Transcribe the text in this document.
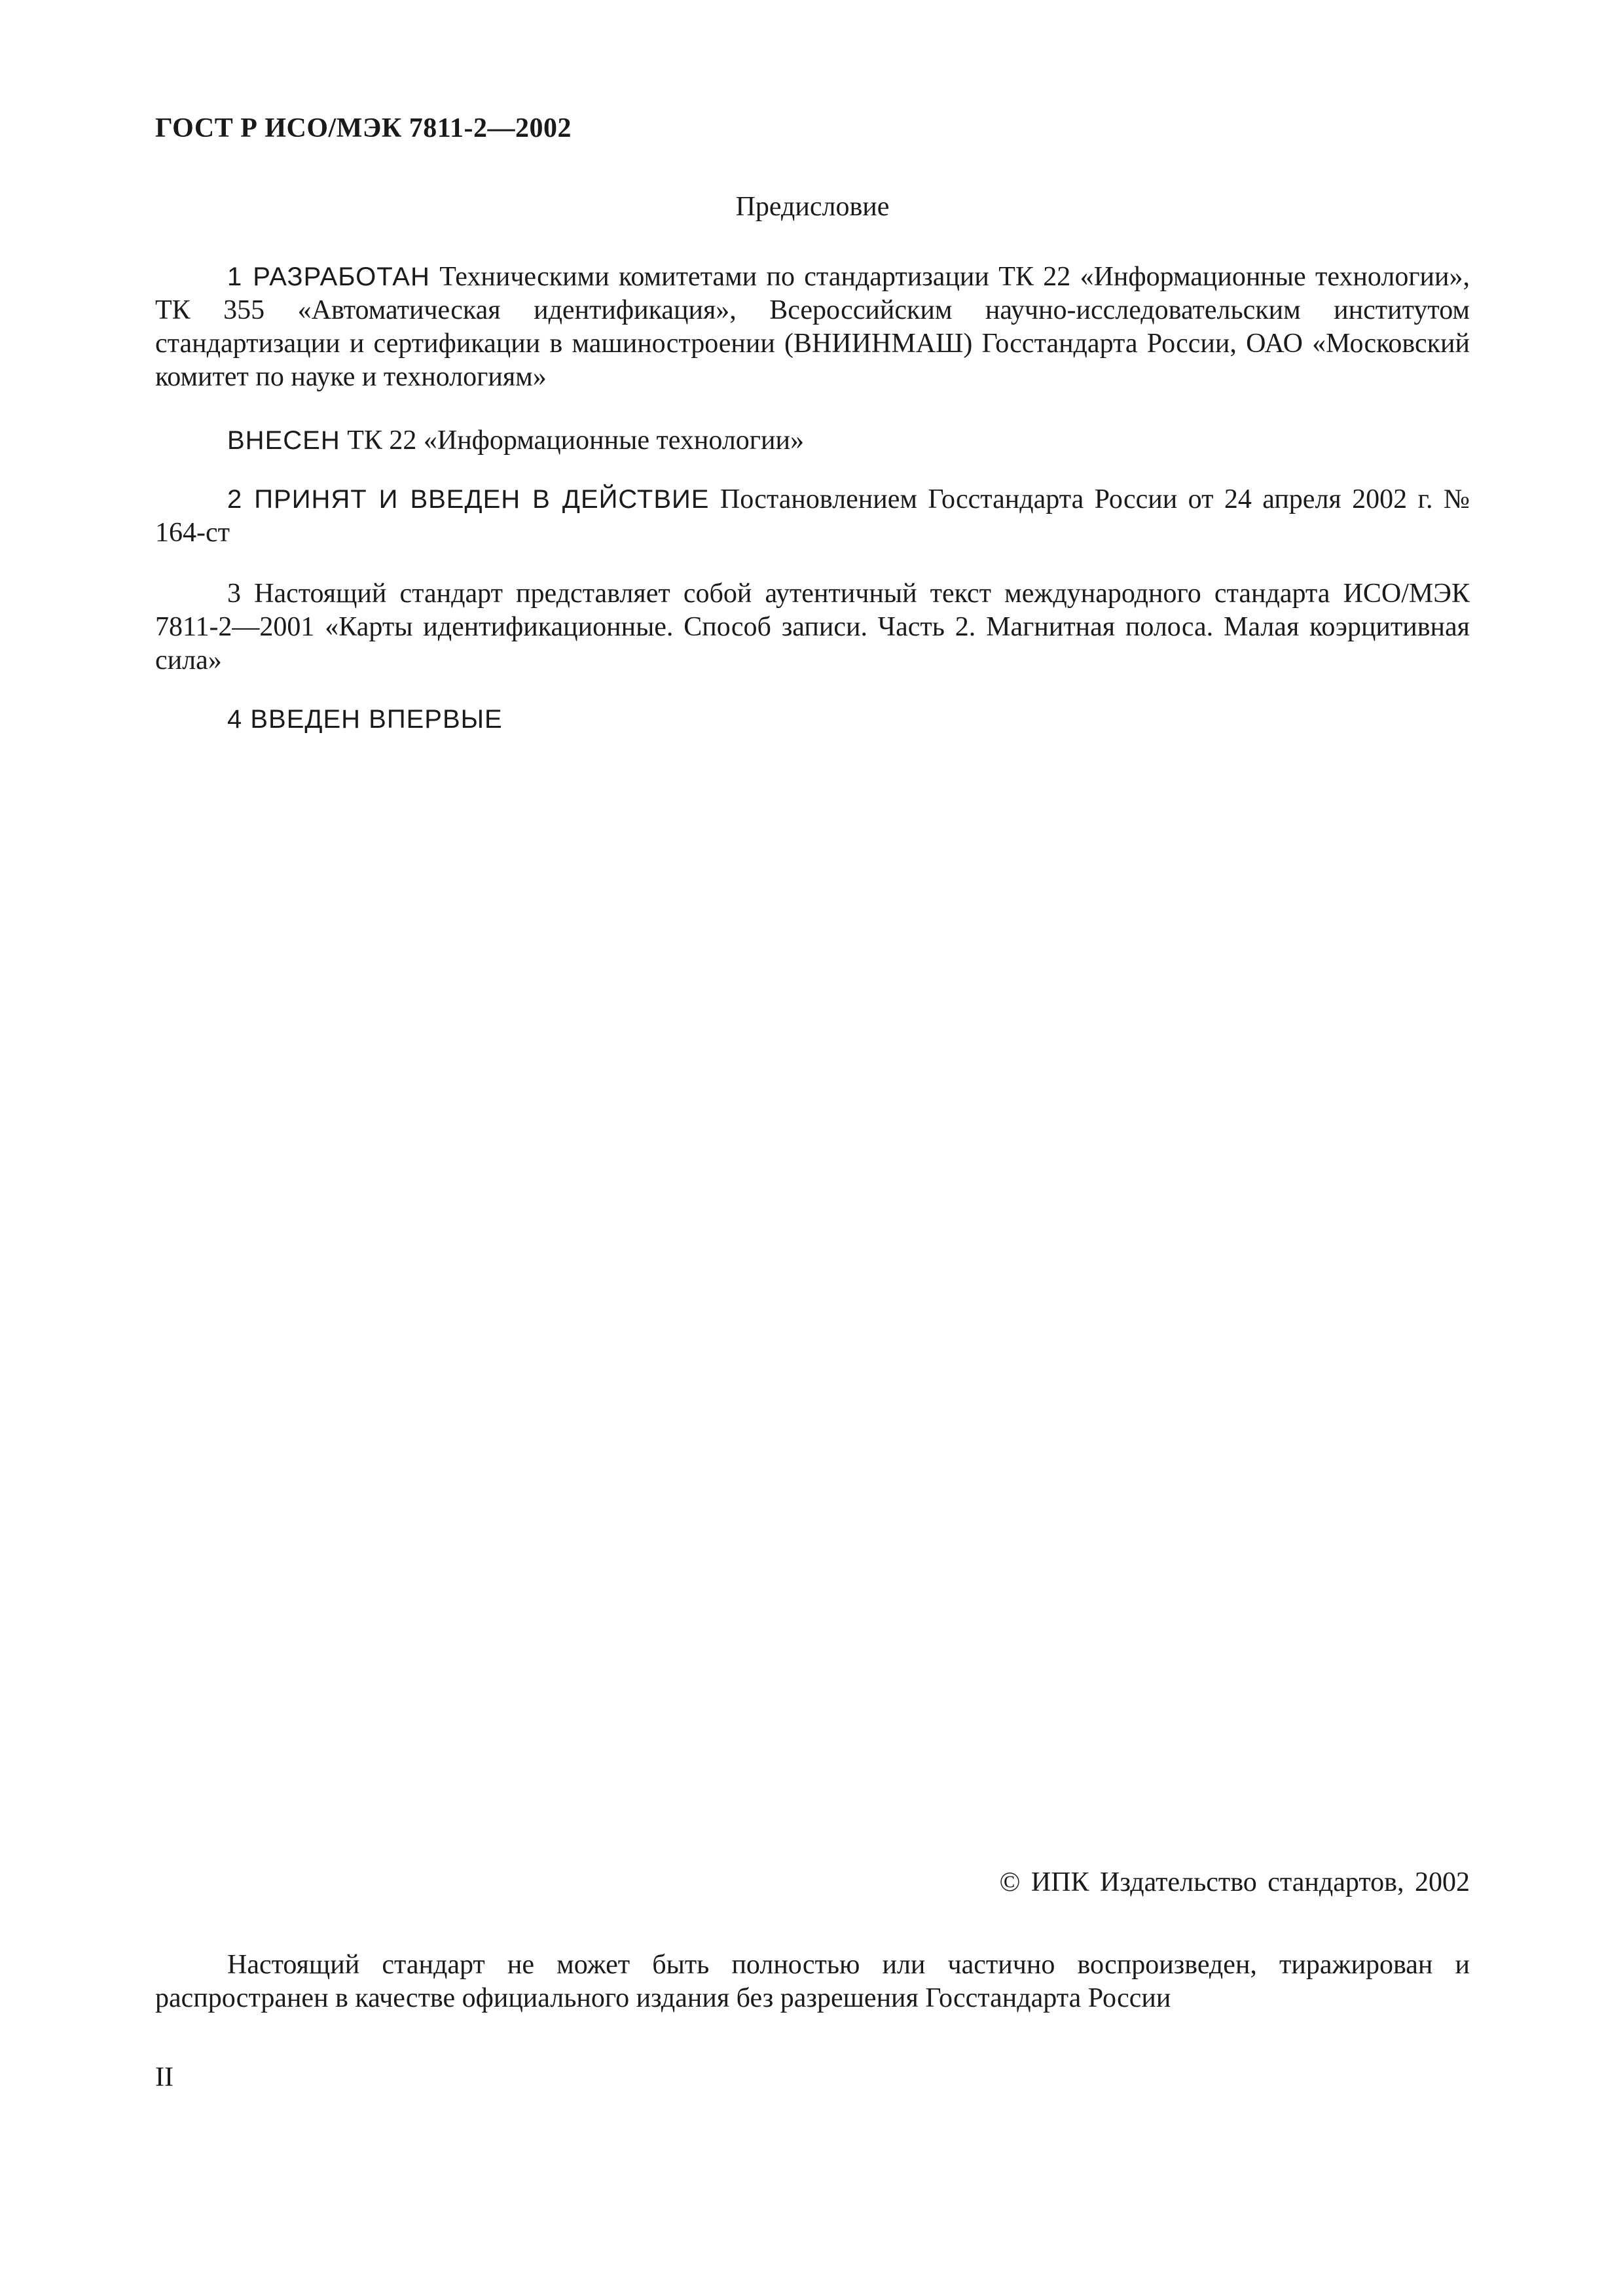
ГОСТ Р ИСО/МЭК 7811-2—2002
Предисловие

1 РАЗРАБОТАН Техническими комитетами по стандартизации ТК 22 «Информационные технологии», ТК 355 «Автоматическая идентификация», Всероссийским научно-исследовательским институтом стандартизации и сертификации в машиностроении (ВНИИНМАШ) Госстандарта России, ОАО «Московский комитет по науке и технологиям»

ВНЕСЕН ТК 22 «Информационные технологии»

2 ПРИНЯТ И ВВЕДЕН В ДЕЙСТВИЕ Постановлением Госстандарта России от 24 апреля 2002 г. № 164-ст

3 Настоящий стандарт представляет собой аутентичный текст международного стандарта ИСО/МЭК 7811-2—2001 «Карты идентификационные. Способ записи. Часть 2. Магнитная полоса. Малая коэрцитивная сила»

4 ВВЕДЕН ВПЕРВЫЕ

© ИПК Издательство стандартов, 2002

Настоящий стандарт не может быть полностью или частично воспроизведен, тиражирован и распространен в качестве официального издания без разрешения Госстандарта России

II
